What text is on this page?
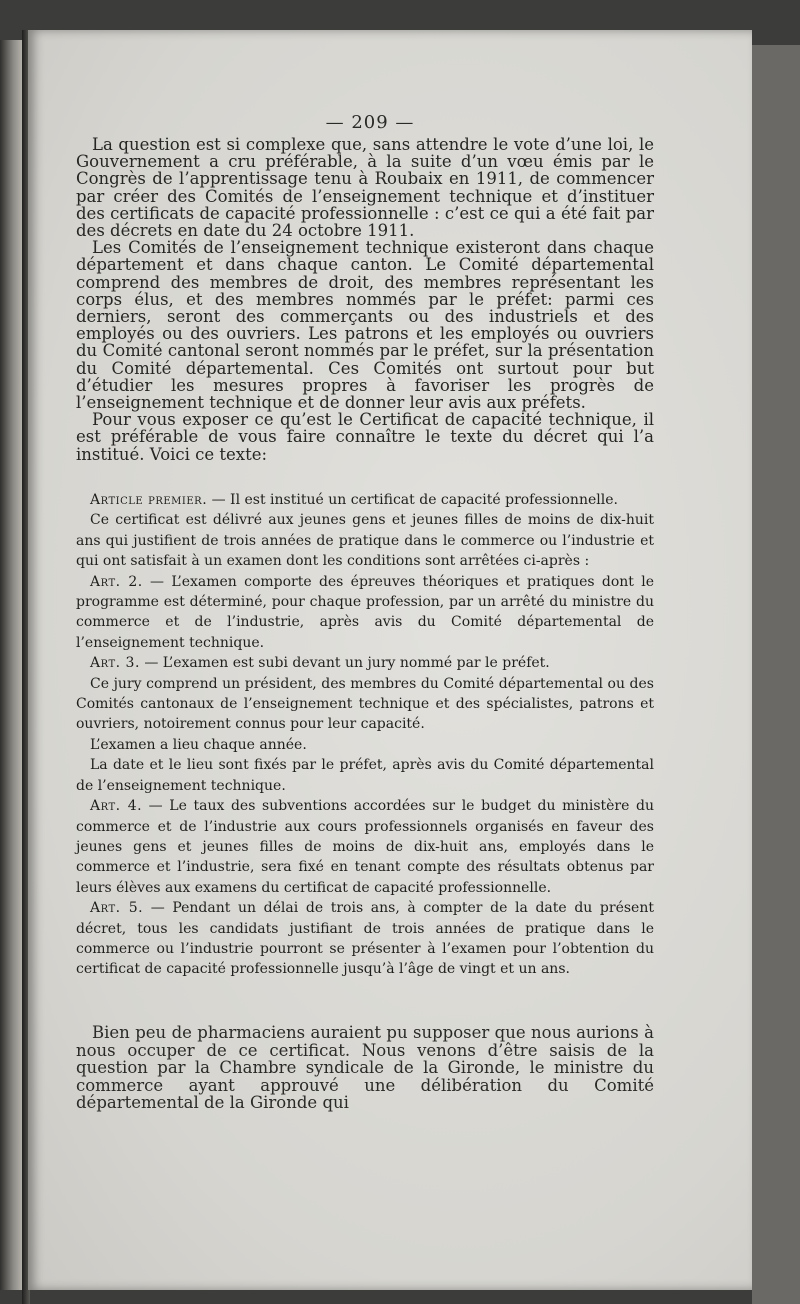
— 209 —

La question est si complexe que, sans attendre le vote d’une loi, le Gouvernement a cru préférable, à la suite d’un vœu émis par le Congrès de l’apprentissage tenu à Roubaix en 1911, de commencer par créer des Comités de l’enseignement technique et d’instituer des certificats de capacité professionnelle : c’est ce qui a été fait par des décrets en date du 24 octobre 1911.

Les Comités de l’enseignement technique existeront dans chaque département et dans chaque canton. Le Comité départemental comprend des membres de droit, des membres représentant les corps élus, et des membres nommés par le préfet: parmi ces derniers, seront des commerçants ou des industriels et des employés ou des ouvriers. Les patrons et les employés ou ouvriers du Comité cantonal seront nommés par le préfet, sur la présentation du Comité départemental. Ces Comités ont surtout pour but d’étudier les mesures propres à favoriser les progrès de l’enseignement technique et de donner leur avis aux préfets.

Pour vous exposer ce qu’est le Certificat de capacité technique, il est préférable de vous faire connaître le texte du décret qui l’a institué. Voici ce texte:

Article premier. — Il est institué un certificat de capacité professionnelle.

Ce certificat est délivré aux jeunes gens et jeunes filles de moins de dix-huit ans qui justifient de trois années de pratique dans le commerce ou l’industrie et qui ont satisfait à un examen dont les conditions sont arrêtées ci-après :

Art. 2. — L’examen comporte des épreuves théoriques et pratiques dont le programme est déterminé, pour chaque profession, par un arrêté du ministre du commerce et de l’industrie, après avis du Comité départemental de l’enseignement technique.

Art. 3. — L’examen est subi devant un jury nommé par le préfet.

Ce jury comprend un président, des membres du Comité départemental ou des Comités cantonaux de l’enseignement technique et des spécialistes, patrons et ouvriers, notoirement connus pour leur capacité.

L’examen a lieu chaque année.

La date et le lieu sont fixés par le préfet, après avis du Comité départemental de l’enseignement technique.

Art. 4. — Le taux des subventions accordées sur le budget du ministère du commerce et de l’industrie aux cours professionnels organisés en faveur des jeunes gens et jeunes filles de moins de dix-huit ans, employés dans le commerce et l’industrie, sera fixé en tenant compte des résultats obtenus par leurs élèves aux examens du certificat de capacité professionnelle.

Art. 5. — Pendant un délai de trois ans, à compter de la date du présent décret, tous les candidats justifiant de trois années de pratique dans le commerce ou l’industrie pourront se présenter à l’examen pour l’obtention du certificat de capacité professionnelle jusqu’à l’âge de vingt et un ans.

Bien peu de pharmaciens auraient pu supposer que nous aurions à nous occuper de ce certificat. Nous venons d’être saisis de la question par la Chambre syndicale de la Gironde, le ministre du commerce ayant approuvé une délibération du Comité départemental de la Gironde qui
